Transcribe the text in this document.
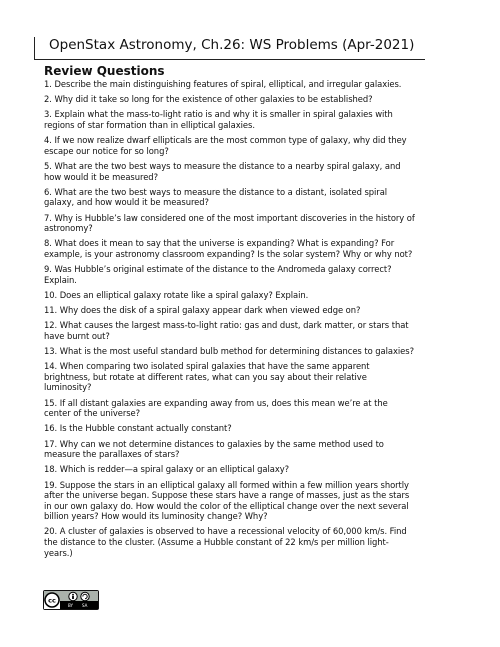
OpenStax Astronomy, Ch.26: WS Problems (Apr-2021)
Review Questions
1. Describe the main distinguishing features of spiral, elliptical, and irregular galaxies.
2. Why did it take so long for the existence of other galaxies to be established?
3. Explain what the mass-to-light ratio is and why it is smaller in spiral galaxies with
regions of star formation than in elliptical galaxies.
4. If we now realize dwarf ellipticals are the most common type of galaxy, why did they
escape our notice for so long?
5. What are the two best ways to measure the distance to a nearby spiral galaxy, and
how would it be measured?
6. What are the two best ways to measure the distance to a distant, isolated spiral
galaxy, and how would it be measured?
7. Why is Hubble’s law considered one of the most important discoveries in the history of
astronomy?
8. What does it mean to say that the universe is expanding? What is expanding? For
example, is your astronomy classroom expanding? Is the solar system? Why or why not?
9. Was Hubble’s original estimate of the distance to the Andromeda galaxy correct?
Explain.
10. Does an elliptical galaxy rotate like a spiral galaxy? Explain.
11. Why does the disk of a spiral galaxy appear dark when viewed edge on?
12. What causes the largest mass-to-light ratio: gas and dust, dark matter, or stars that
have burnt out?
13. What is the most useful standard bulb method for determining distances to galaxies?
14. When comparing two isolated spiral galaxies that have the same apparent
brightness, but rotate at different rates, what can you say about their relative
luminosity?
15. If all distant galaxies are expanding away from us, does this mean we’re at the
center of the universe?
16. Is the Hubble constant actually constant?
17. Why can we not determine distances to galaxies by the same method used to
measure the parallaxes of stars?
18. Which is redder—a spiral galaxy or an elliptical galaxy?
19. Suppose the stars in an elliptical galaxy all formed within a few million years shortly
after the universe began. Suppose these stars have a range of masses, just as the stars
in our own galaxy do. How would the color of the elliptical change over the next several
billion years? How would its luminosity change? Why?
20. A cluster of galaxies is observed to have a recessional velocity of 60,000 km/s. Find
the distance to the cluster. (Assume a Hubble constant of 22 km/s per million light-
years.)
cc
BY SA
